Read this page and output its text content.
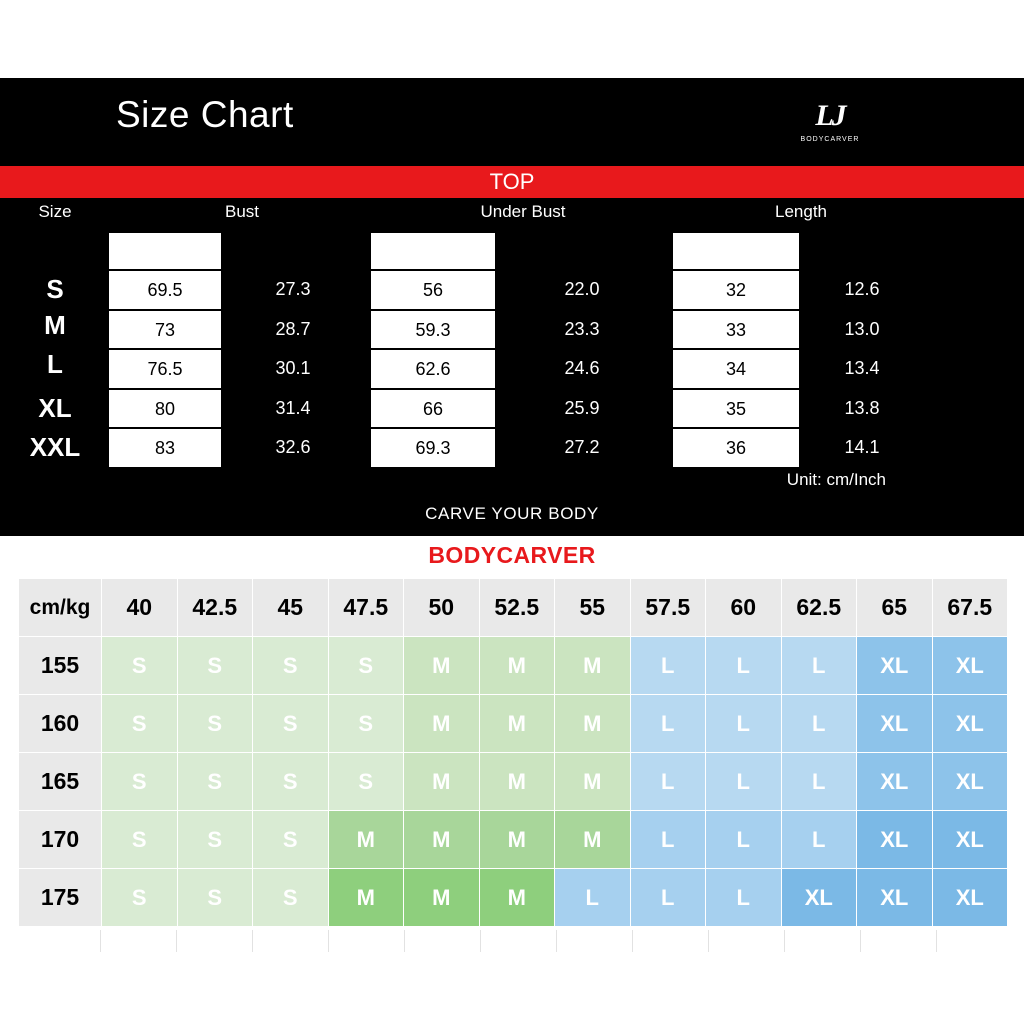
Size Chart	LJ
BODYCARVER
TOP
Size	Bust	Under Bust	Length
S	69.5	27.3	56	22.0	32	12.6
M	73	28.7	59.3	23.3	33	13.0
L	76.5	30.1	62.6	24.6	34	13.4
XL	80	31.4	66	25.9	35	13.8
XXL	83	32.6	69.3	27.2	36	14.1
Unit: cm/Inch
CARVE YOUR BODY
BODYCARVER
cm/kg	40	42.5	45	47.5	50	52.5	55	57.5	60	62.5	65	67.5
155	S	S	S	S	M	M	M	L	L	L	XL	XL
160	S	S	S	S	M	M	M	L	L	L	XL	XL
165	S	S	S	S	M	M	M	L	L	L	XL	XL
170	S	S	S	M	M	M	M	L	L	L	XL	XL
175	S	S	S	M	M	M	L	L	L	XL	XL	XL
